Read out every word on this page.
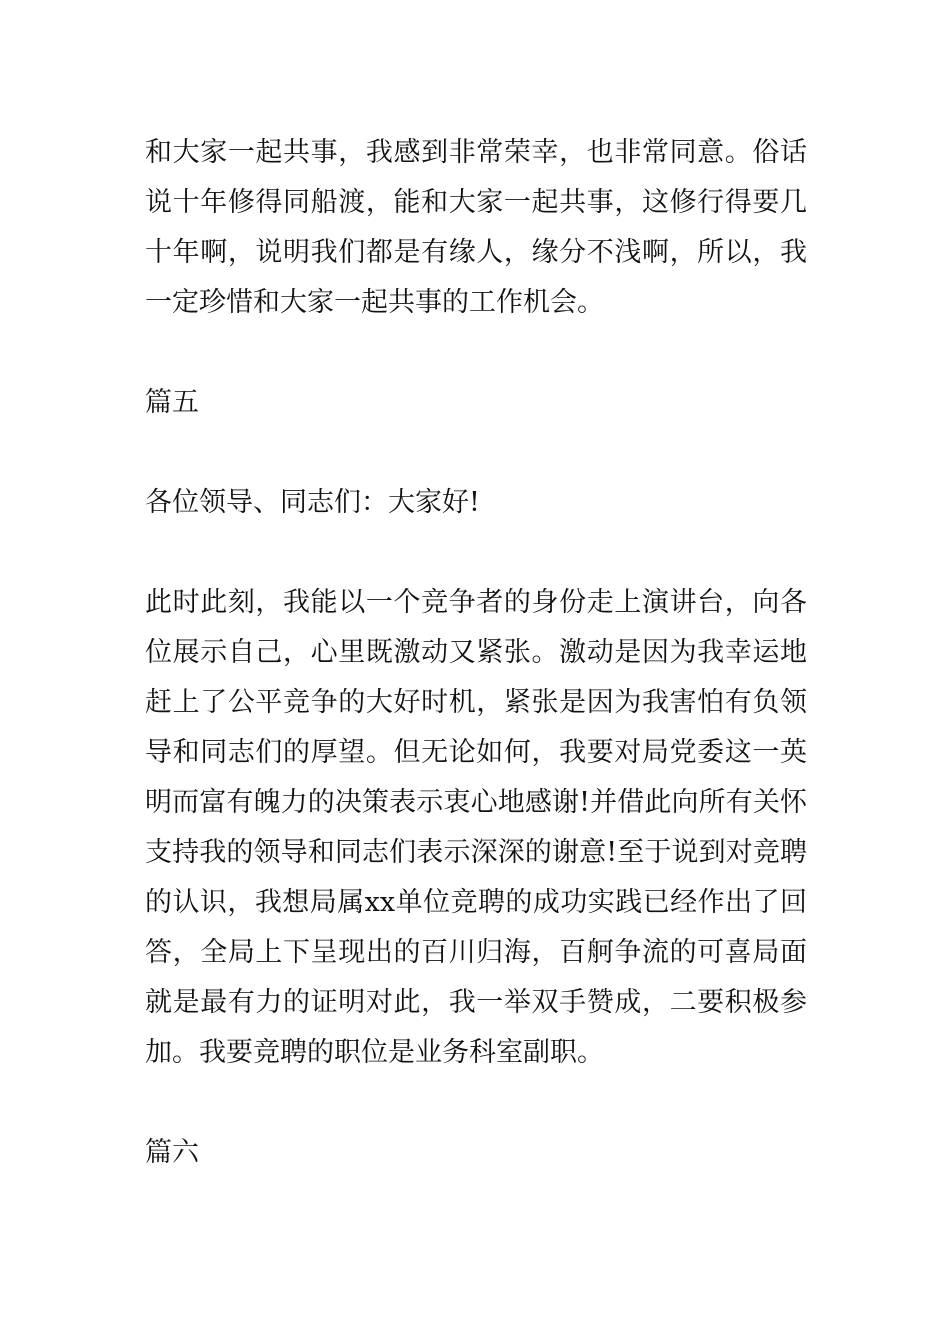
和大家一起共事，我感到非常荣幸，也非常同意。俗话说十年修得同船渡，能和大家一起共事，这修行得要几十年啊，说明我们都是有缘人，缘分不浅啊，所以，我一定珍惜和大家一起共事的工作机会。

篇五

各位领导、同志们：大家好!

此时此刻，我能以一个竞争者的身份走上演讲台，向各位展示自己，心里既激动又紧张。激动是因为我幸运地赶上了公平竞争的大好时机，紧张是因为我害怕有负领导和同志们的厚望。但无论如何，我要对局党委这一英明而富有魄力的决策表示衷心地感谢!并借此向所有关怀支持我的领导和同志们表示深深的谢意!至于说到对竞聘的认识，我想局属xx单位竞聘的成功实践已经作出了回答，全局上下呈现出的百川归海，百舸争流的可喜局面就是最有力的证明对此，我一举双手赞成，二要积极参加。我要竞聘的职位是业务科室副职。

篇六
